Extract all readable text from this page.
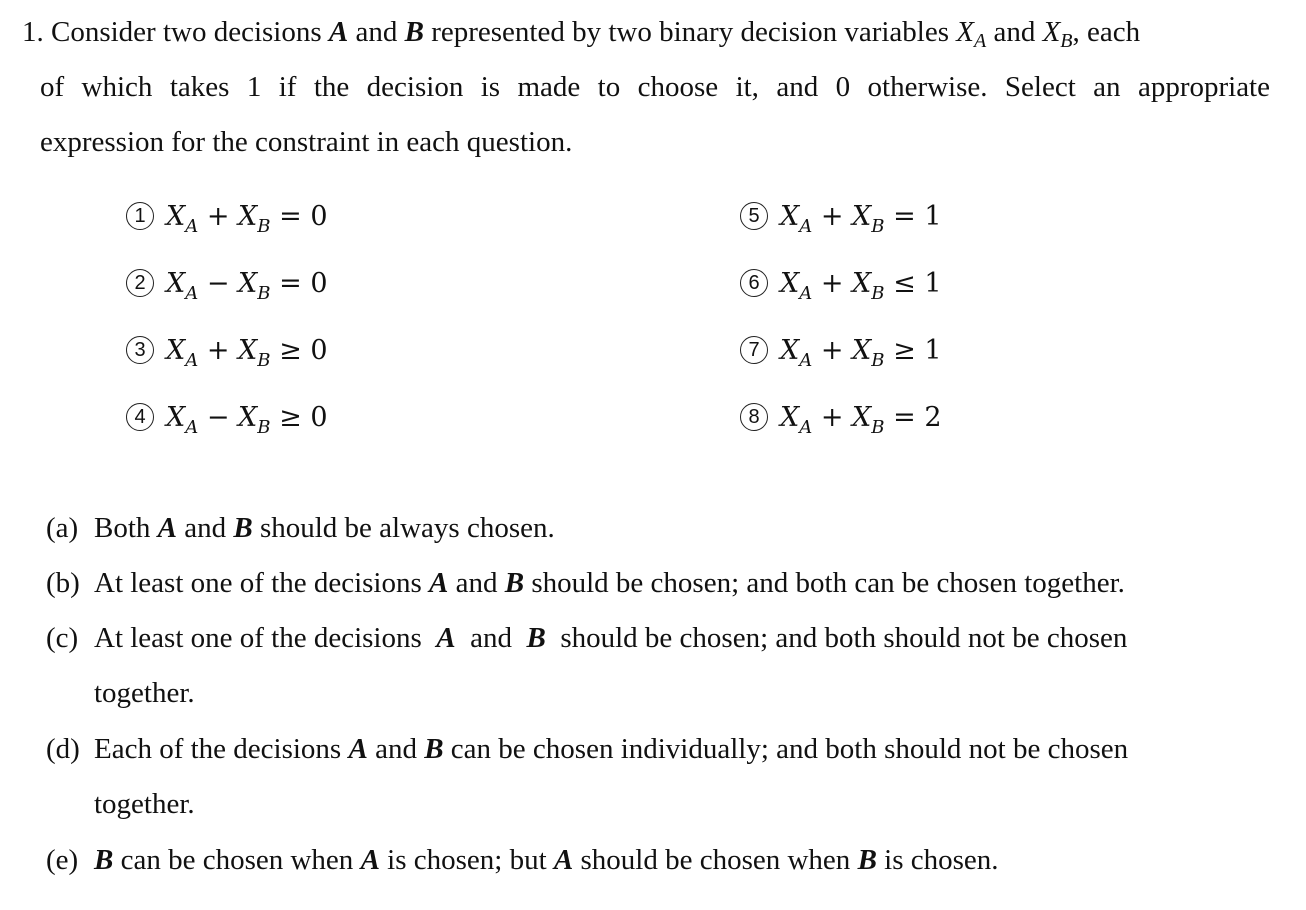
1. Consider two decisions A and B represented by two binary decision variables $X_A$ and $X_B$, each
of which takes 1 if the decision is made to choose it, and 0 otherwise. Select an appropriate
expression for the constraint in each question.
1 $X_A + X_B = 0$
2 $X_A - X_B = 0$
3 $X_A + X_B \ge 0$
4 $X_A - X_B \ge 0$
5 $X_A + X_B = 1$
6 $X_A + X_B \le 1$
7 $X_A + X_B \ge 1$
8 $X_A + X_B = 2$
(a) Both A and B should be always chosen.
(b) At least one of the decisions A and B should be chosen; and both can be chosen together.
(c) At least one of the decisions A and B should be chosen; and both should not be chosen
together.
(d) Each of the decisions A and B can be chosen individually; and both should not be chosen
together.
(e) B can be chosen when A is chosen; but A should be chosen when B is chosen.
